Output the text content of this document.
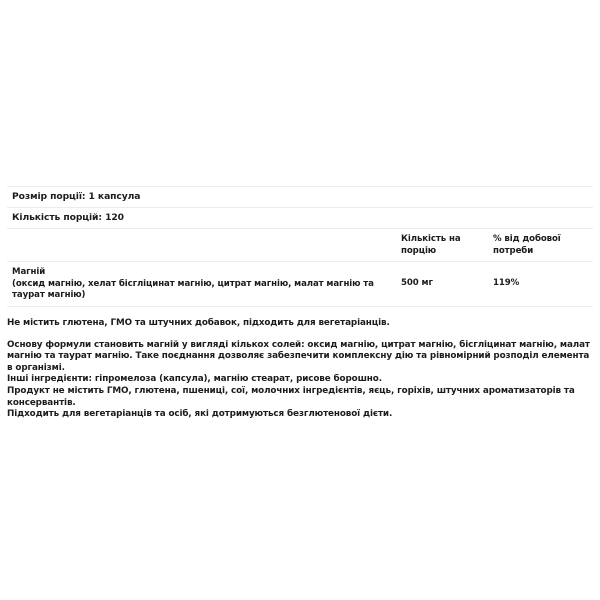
Розмір порції: 1 капсула
Кількість порцій: 120
Кількість на порцію
% від добової потреби
Магній
(оксид магнію, хелат бісгліцинат магнію, цитрат магнію, малат магнію та таурат магнію)
500 мг	119%

Не містить глютена, ГМО та штучних добавок, підходить для вегетаріанців.

Основу формули становить магній у вигляді кількох солей: оксид магнію, цитрат магнію, бісгліцинат магнію, малат магнію та таурат магнію. Таке поєднання дозволяє забезпечити комплексну дію та рівномірний розподіл елемента в організмі.

Інші інгредієнти: гіпромелоза (капсула), магнію стеарат, рисове борошно.

Продукт не містить ГМО, глютена, пшениці, сої, молочних інгредієнтів, яєць, горіхів, штучних ароматизаторів та консервантів.

Підходить для вегетаріанців та осіб, які дотримуються безглютенової дієти.
